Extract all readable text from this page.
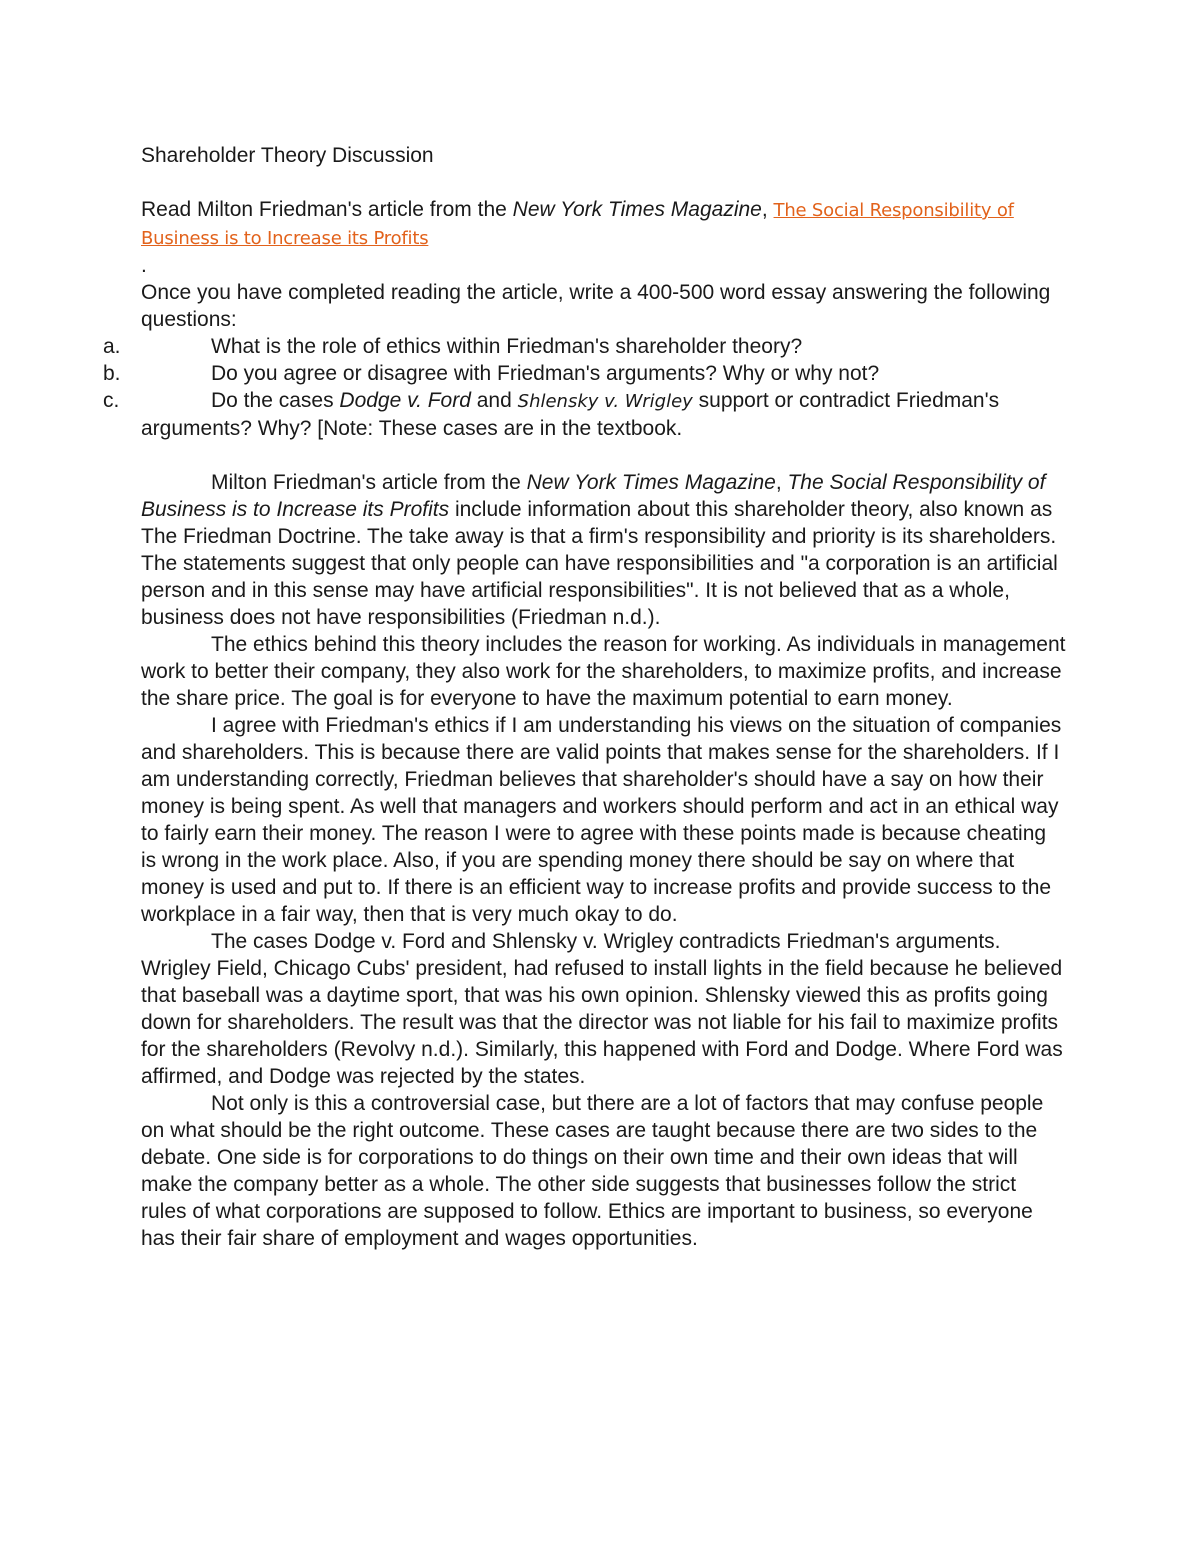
Shareholder Theory Discussion

Read Milton Friedman's article from the New York Times Magazine, The Social Responsibility of Business is to Increase its Profits

.

Once you have completed reading the article, write a 400-500 word essay answering the following questions:

a.	What is the role of ethics within Friedman's shareholder theory?
b.	Do you agree or disagree with Friedman's arguments? Why or why not?
c.	Do the cases Dodge v. Ford and Shlensky v. Wrigley support or contradict Friedman's arguments? Why? [Note: These cases are in the textbook.

Milton Friedman's article from the New York Times Magazine, The Social Responsibility of Business is to Increase its Profits include information about this shareholder theory, also known as The Friedman Doctrine. The take away is that a firm's responsibility and priority is its shareholders. The statements suggest that only people can have responsibilities and "a corporation is an artificial person and in this sense may have artificial responsibilities". It is not believed that as a whole, business does not have responsibilities (Friedman n.d.).

The ethics behind this theory includes the reason for working. As individuals in management work to better their company, they also work for the shareholders, to maximize profits, and increase the share price. The goal is for everyone to have the maximum potential to earn money.

I agree with Friedman's ethics if I am understanding his views on the situation of companies and shareholders. This is because there are valid points that makes sense for the shareholders. If I am understanding correctly, Friedman believes that shareholder's should have a say on how their money is being spent. As well that managers and workers should perform and act in an ethical way to fairly earn their money. The reason I were to agree with these points made is because cheating is wrong in the work place. Also, if you are spending money there should be say on where that money is used and put to. If there is an efficient way to increase profits and provide success to the workplace in a fair way, then that is very much okay to do.

The cases Dodge v. Ford and Shlensky v. Wrigley contradicts Friedman's arguments. Wrigley Field, Chicago Cubs' president, had refused to install lights in the field because he believed that baseball was a daytime sport, that was his own opinion. Shlensky viewed this as profits going down for shareholders. The result was that the director was not liable for his fail to maximize profits for the shareholders (Revolvy n.d.). Similarly, this happened with Ford and Dodge. Where Ford was affirmed, and Dodge was rejected by the states.

Not only is this a controversial case, but there are a lot of factors that may confuse people on what should be the right outcome. These cases are taught because there are two sides to the debate. One side is for corporations to do things on their own time and their own ideas that will make the company better as a whole. The other side suggests that businesses follow the strict rules of what corporations are supposed to follow. Ethics are important to business, so everyone has their fair share of employment and wages opportunities.
